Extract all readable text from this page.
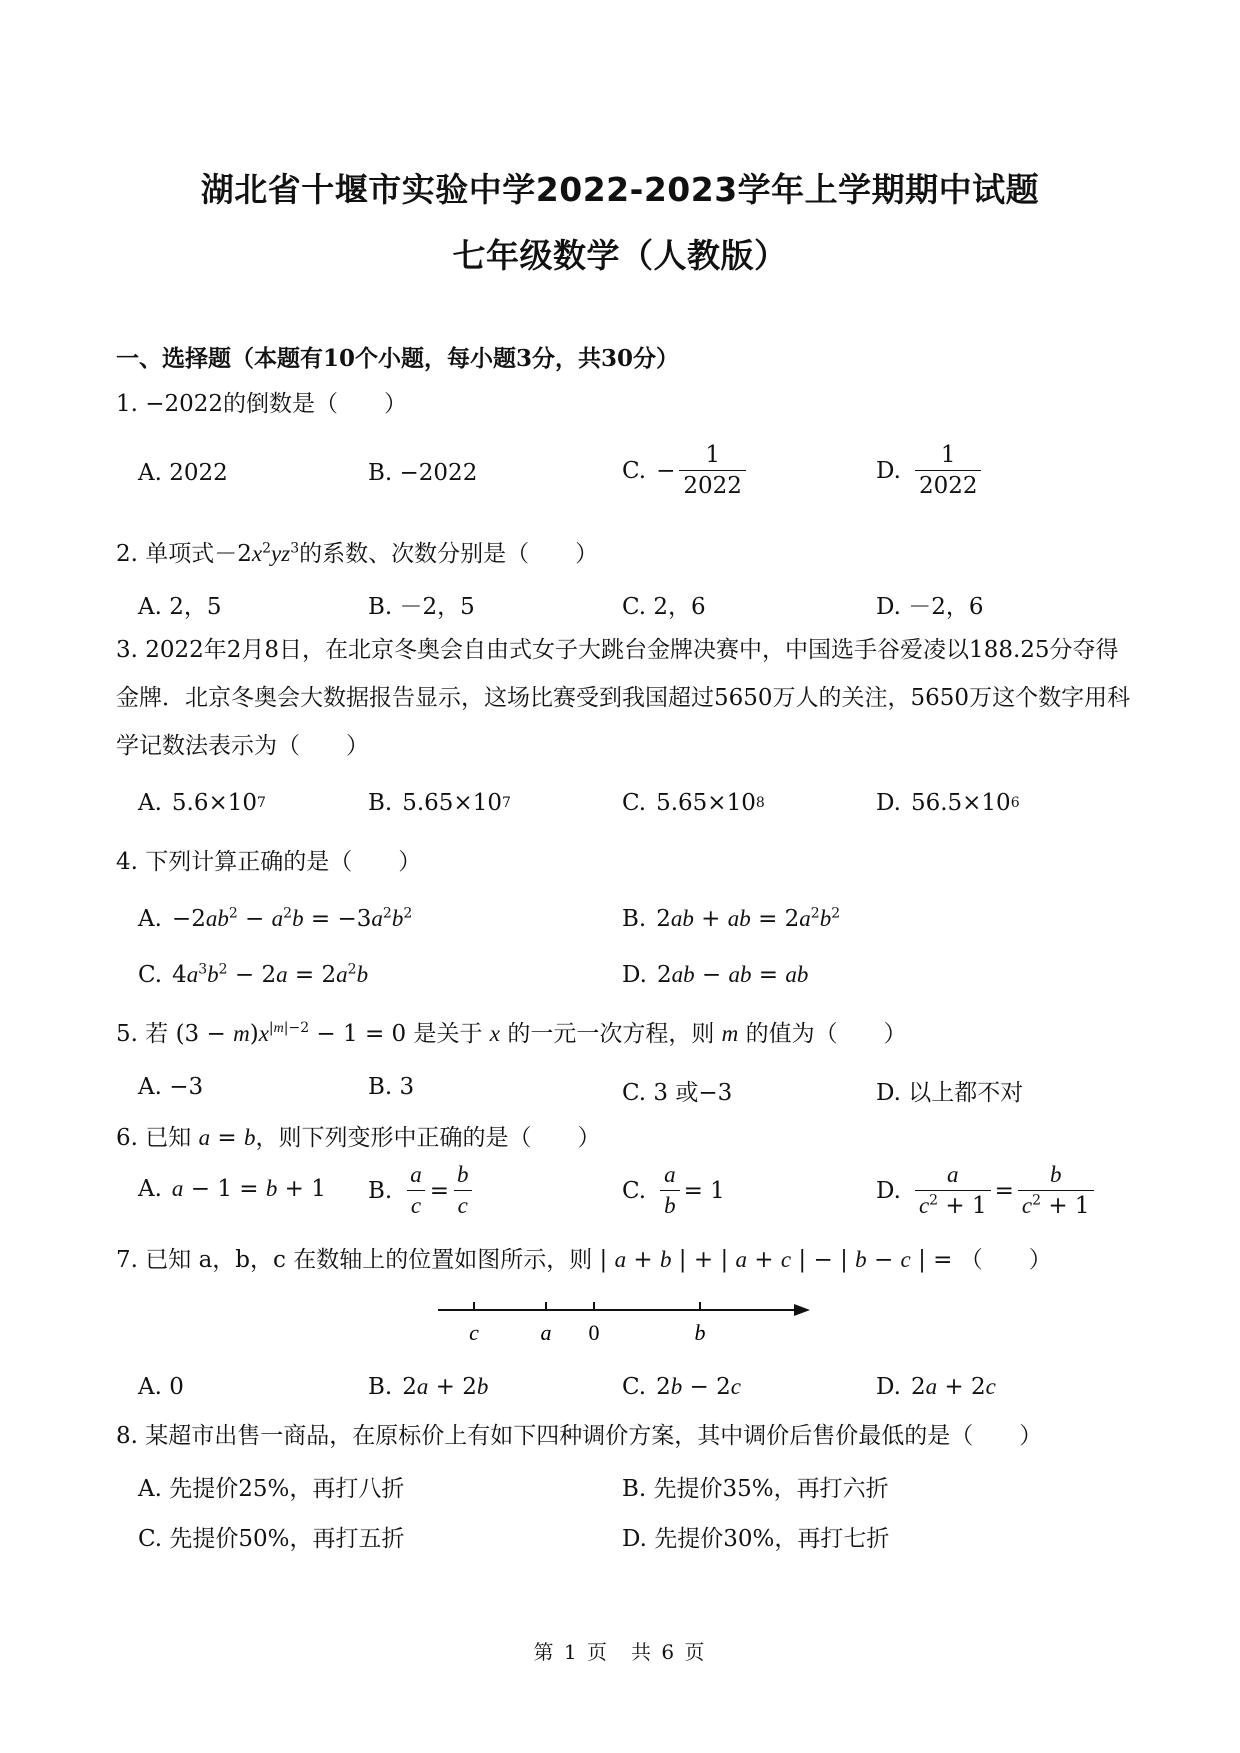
湖北省十堰市实验中学2022-2023学年上学期期中试题
七年级数学（人教版）
一、选择题（本题有10个小题，每小题3分，共30分）
1. −2022的倒数是（　　）
A. 2022	B. −2022	C. − $\frac{1}{2022}$	D. $\frac{1}{2022}$
2. 单项式$-2x^2yz^3$的系数、次数分别是（　　）
A. 2，5	B. －2，5	C. 2，6	D. －2，6
3. 2022年2月8日，在北京冬奥会自由式女子大跳台金牌决赛中，中国选手谷爱凌以188.25分夺得金牌．北京冬奥会大数据报告显示，这场比赛受到我国超过5650万人的关注，5650万这个数字用科学记数法表示为（　　）
A. 5.6×10 7	B. 5.65×10 7	C. 5.65×10 8	D. 56.5×10 6
4. 下列计算正确的是（　　）
A. $-2ab^2 - a^2b = -3a^2b^2$	B. 2ab + ab = $2a^2b^2$
C. $4a^3b^2 - 2a = 2a^2b$	D. 2ab − ab = ab
5. 若 $(3 - m)x^{|m|-2} - 1 = 0$ 是关于 x 的一元一次方程，则 m 的值为（　　）
A. −3	B. 3	C. 3 或−3	D. 以上都不对
6. 已知 a = b，则下列变形中正确的是（　　）
A. a − 1 = b + 1 B. $\frac{a}{c} = \frac{b}{c}$	C. $\frac{a}{b} = 1$	D. $\frac{a}{c^2 + 1} = \frac{b}{c^2 + 1}$
7. 已知 a，b，c 在数轴上的位置如图所示，则 | a + b | + | a + c | − | b − c | = （　　）
c	a 0	b
A. 0	B. 2a + 2b	C. 2b − 2c	D. 2a + 2c
8. 某超市出售一商品，在原标价上有如下四种调价方案，其中调价后售价最低的是（　　）
A. 先提价25%，再打八折	B. 先提价35%，再打六折
C. 先提价50%，再打五折	D. 先提价30%，再打七折
第 1 页　共 6 页
